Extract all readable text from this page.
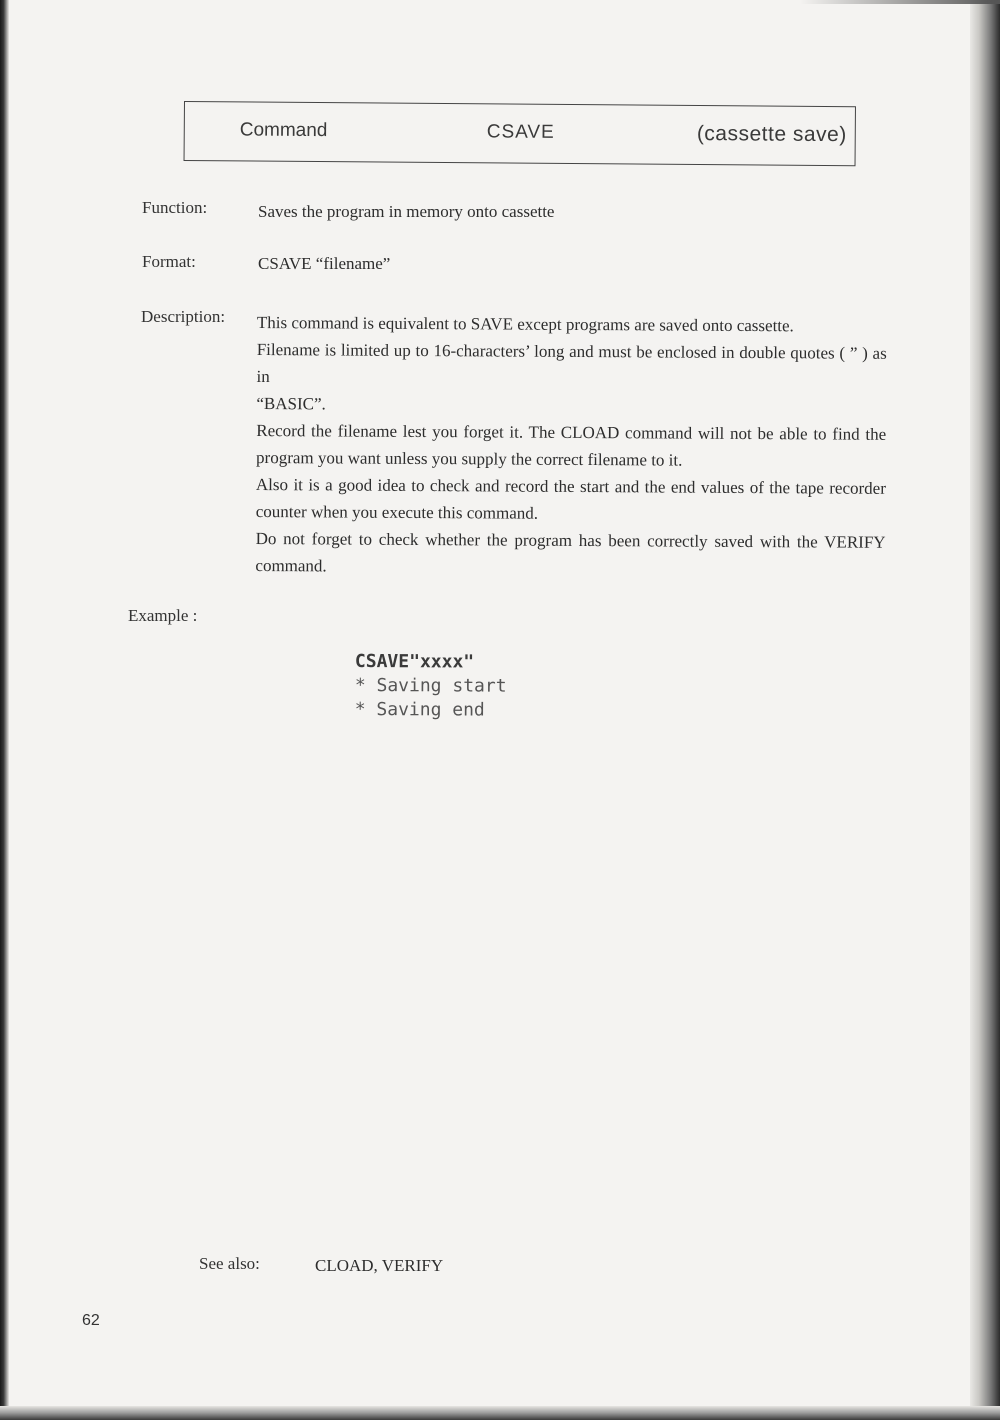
Command	CSAVE	(cassette save)
Function:	Saves the program in memory onto cassette
Format:	CSAVE “filename”
Description: This command is equivalent to SAVE except programs are saved onto cassette.

Filename is limited up to 16-characters’ long and must be enclosed in double quotes ( ” ) as in

“BASIC”.

Record the filename lest you forget it. The CLOAD command will not be able to find the program you want unless you supply the correct filename to it.

Also it is a good idea to check and record the start and the end values of the tape recorder counter when you execute this command.

Do not forget to check whether the program has been correctly saved with the VERIFY command.

Example :
CSAVE"xxxx"
* Saving start
* Saving end
See also:	CLOAD, VERIFY
62
